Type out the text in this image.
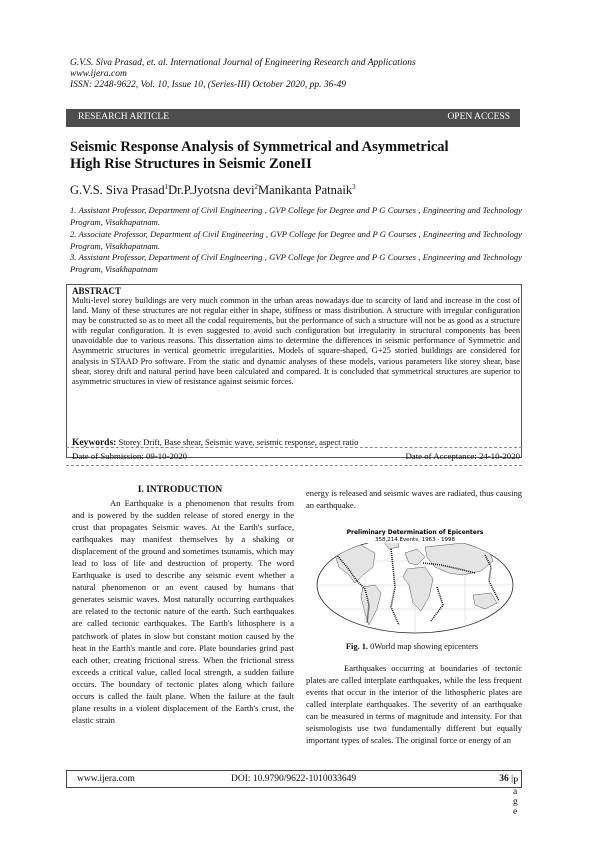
G.V.S. Siva Prasad, et. al. International Journal of Engineering Research and Applications
www.ijera.com
ISSN: 2248-9622, Vol. 10, Issue 10, (Series-III) October 2020, pp. 36-49
RESEARCH ARTICLE	OPEN ACCESS
Seismic Response Analysis of Symmetrical and Asymmetrical
High Rise Structures in Seismic ZoneII
G.V.S. Siva Prasad$^1$Dr.P.Jyotsna devi$^2$Manikanta Patnaik$^3$
1. Assistant Professor, Department of Civil Engineering , GVP College for Degree and P G Courses , Engineering and Technology Program, Visakhapatnam.
2. Associate Professor, Department of Civil Engineering , GVP College for Degree and P G Courses , Engineering and Technology Program, Visakhapatnam.
3. Assistant Professor, Department of Civil Engineering , GVP College for Degree and P G Courses , Engineering and Technology Program, Visakhapatnam
ABSTRACT
Multi-level storey buildings are very much common in the urban areas nowadays due to scarcity of land and increase in the cost of land. Many of these structures are not regular either in shape, stiffness or mass distribution. A structure with irregular configuration may be constructed so as to meet all the codal requirements, but the performance of such a structure will not be as good as a structure with regular configuration. It is even suggested to avoid such configuration but irregularity in structural components has been unavoidable due to various reasons. This dissertation aims to determine the differences in seismic performance of Symmetric and Asymmetric structures in vertical geometric irregularities. Models of square-shaped, G+25 storied buildings are considered for analysis in STAAD Pro software. From the static and dynamic analyses of these models, various parameters like storey shear, base shear, storey drift and natural period have been calculated and compared. It is concluded that symmetrical structures are superior to asymmetric structures in view of resistance against seismic forces.
Keywords: Storey Drift, Base shear, Seismic wave, seismic response, aspect ratio
Date of Submission: 09-10-2020	Date of Acceptance: 24-10-2020
I. INTRODUCTION
An Earthquake is a phenomenon that results from and is powered by the sudden release of stored energy in the crust that propagates Seismic waves. At the Earth's surface, earthquakes may manifest themselves by a shaking or displacement of the ground and sometimes tsunamis, which may lead to loss of life and destruction of property. The word Earthquake is used to describe any seismic event whether a natural phenomenon or an event caused by humans that generates seismic waves. Most naturally occurring earthquakes are related to the tectonic nature of the earth. Such earthquakes are called tectonic earthquakes. The Earth's lithosphere is a patchwork of plates in slow but constant motion caused by the heat in the Earth's mantle and core. Plate boundaries grind past each other, creating frictional stress. When the frictional stress exceeds a critical value, called local strength, a sudden failure occurs. The boundary of tectonic plates along which failure occurs is called the fault plane. When the failure at the fault plane results in a violent displacement of the Earth's crust, the elastic strain
energy is released and seismic waves are radiated, thus causing an earthquake.
Preliminary Determination of Epicenters
358,214 Events, 1963 - 1998
Fig. 1. 0World map showing epicenters
Earthquakes occurring at boundaries of tectonic plates are called interplate earthquakes, while the less frequent events that occur in the interior of the lithospheric plates are called interplate earthquakes. The severity of an earthquake can be measured in terms of magnitude and intensity. For that seismologists use two fundamentally different but equally important types of scales. The original force or energy of an
www.ijera.com	DOI: 10.9790/9622-1010033649	36 | P a g e
